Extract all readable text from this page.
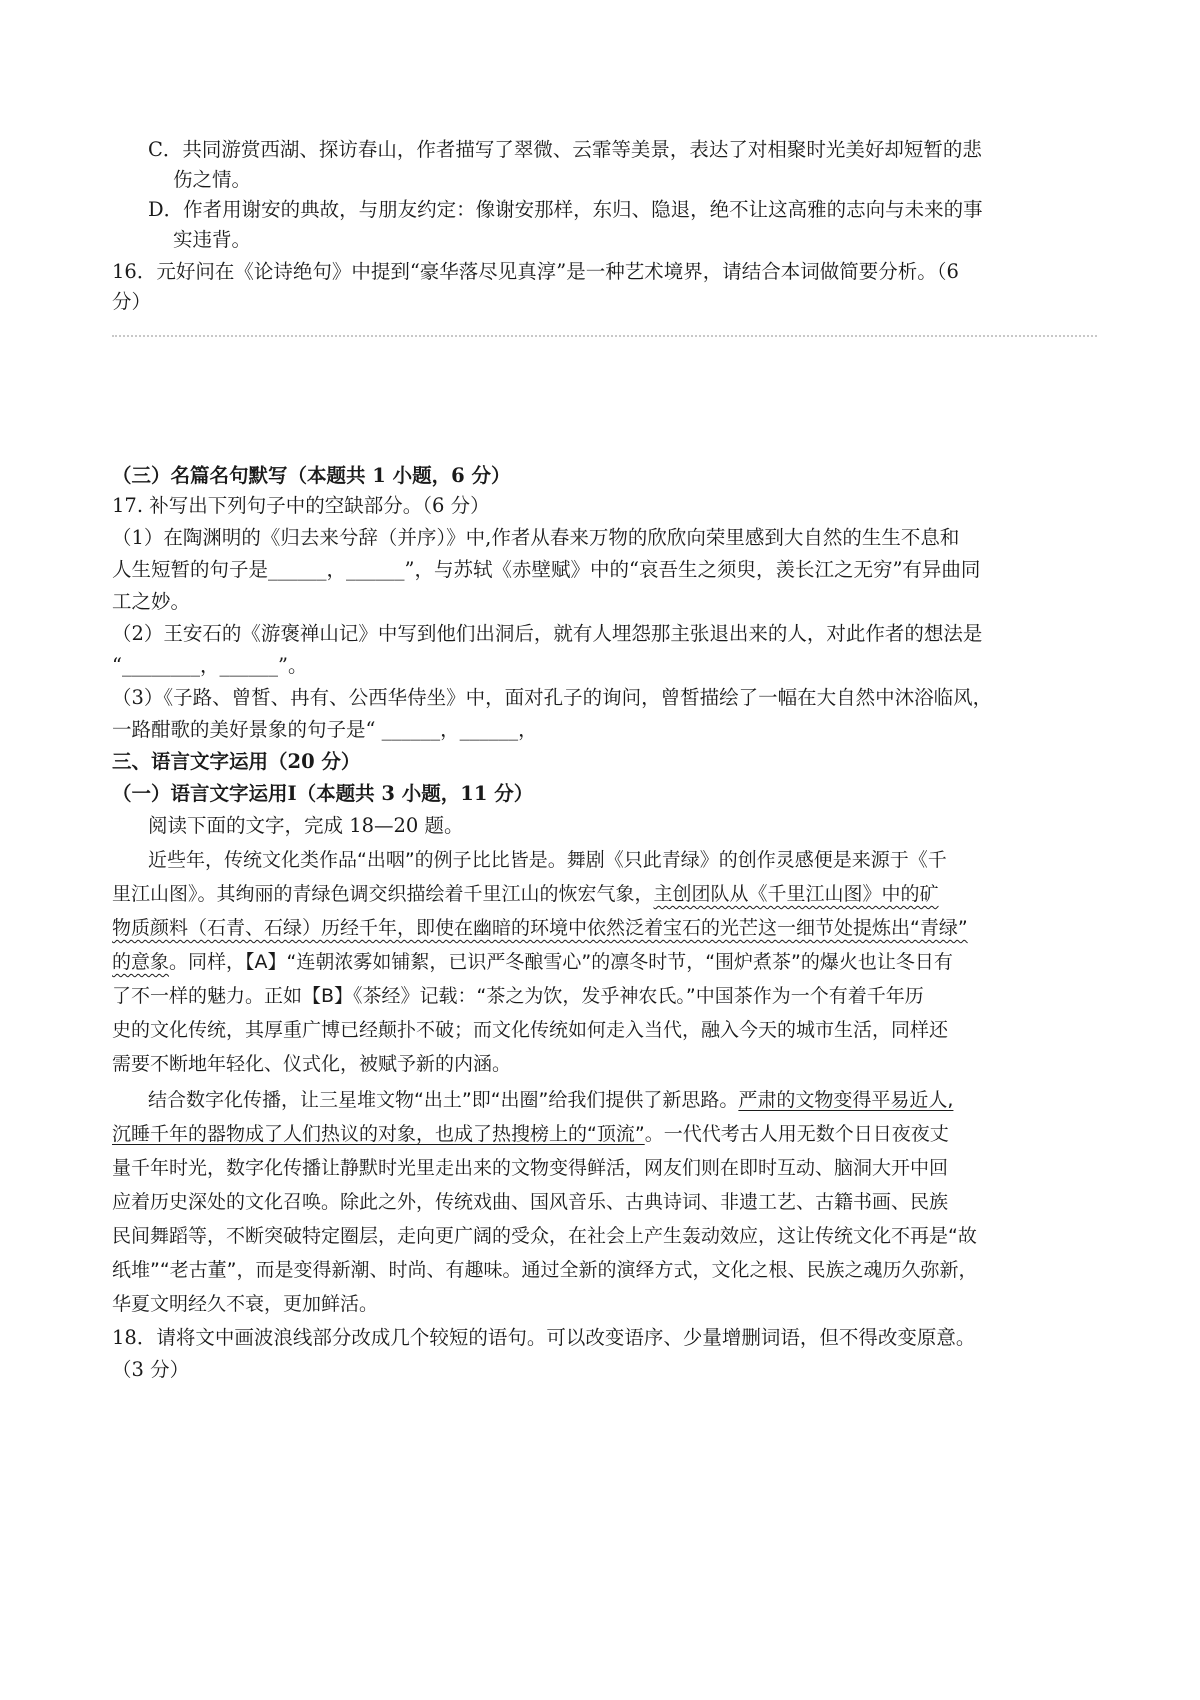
C．共同游赏西湖、探访春山，作者描写了翠微、云霏等美景，表达了对相聚时光美好却短暂的悲
伤之情。
D．作者用谢安的典故，与朋友约定：像谢安那样，东归、隐退，绝不让这高雅的志向与未来的事
实违背。
16．元好问在《论诗绝句》中提到“豪华落尽见真淳”是一种艺术境界，请结合本词做简要分析。（6
分）
（三）名篇名句默写（本题共 1 小题，6 分）
17. 补写出下列句子中的空缺部分。（6 分）
（1）在陶渊明的《归去来兮辞（并序）》中,作者从春来万物的欣欣向荣里感到大自然的生生不息和
人生短暂的句子是______，______”，与苏轼《赤壁赋》中的“哀吾生之须臾，羡长江之无穷”有异曲同
工之妙。
（2）王安石的《游褒禅山记》中写到他们出洞后，就有人埋怨那主张退出来的人，对此作者的想法是
“________，______”。
（3）《子路、曾皙、冉有、公西华侍坐》中，面对孔子的询问，曾皙描绘了一幅在大自然中沐浴临风，
一路酣歌的美好景象的句子是“ ______，______，
三、语言文字运用（20 分）
（一）语言文字运用Ⅰ（本题共 3 小题，11 分）
阅读下面的文字，完成 18—20 题。
近些年，传统文化类作品“出咽”的例子比比皆是。舞剧《只此青绿》的创作灵感便是来源于《千
里江山图》。其绚丽的青绿色调交织描绘着千里江山的恢宏气象，主创团队从《千里江山图》中的矿
物质颜料（石青、石绿）历经千年，即使在幽暗的环境中依然泛着宝石的光芒这一细节处提炼出“青绿”
的意象。同样，【A】“连朝浓雾如铺絮，已识严冬酿雪心”的凛冬时节，“围炉煮茶”的爆火也让冬日有
了不一样的魅力。正如【B】《茶经》记载：“茶之为饮，发乎神农氏。”中国茶作为一个有着千年历
史的文化传统，其厚重广博已经颠扑不破；而文化传统如何走入当代，融入今天的城市生活，同样还
需要不断地年轻化、仪式化，被赋予新的内涵。
结合数字化传播，让三星堆文物“出土”即“出圈”给我们提供了新思路。严肃的文物变得平易近人,
沉睡千年的器物成了人们热议的对象，也成了热搜榜上的“顶流”。一代代考古人用无数个日日夜夜丈
量千年时光，数字化传播让静默时光里走出来的文物变得鲜活，网友们则在即时互动、脑洞大开中回
应着历史深处的文化召唤。除此之外，传统戏曲、国风音乐、古典诗词、非遗工艺、古籍书画、民族
民间舞蹈等，不断突破特定圈层，走向更广阔的受众，在社会上产生轰动效应，这让传统文化不再是“故
纸堆”“老古董”，而是变得新潮、时尚、有趣味。通过全新的演绎方式，文化之根、民族之魂历久弥新，
华夏文明经久不衰，更加鲜活。
18．请将文中画波浪线部分改成几个较短的语句。可以改变语序、少量增删词语，但不得改变原意。
（3 分）
